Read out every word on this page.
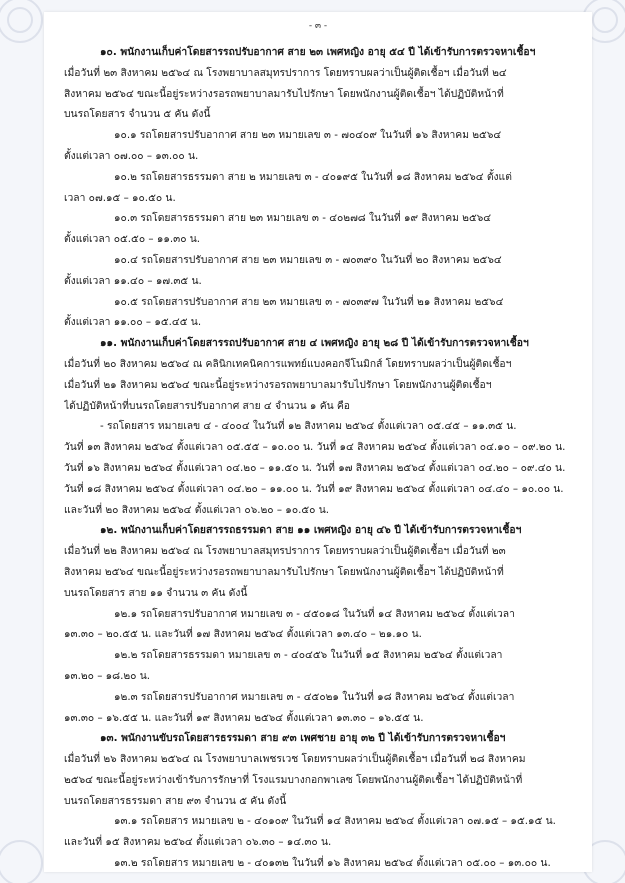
- ๓ -
๑๐. พนักงานเก็บค่าโดยสารรถปรับอากาศ สาย ๒๓ เพศหญิง อายุ ๕๔ ปี ได้เข้ารับการตรวจหาเชื้อฯ
เมื่อวันที่ ๒๓ สิงหาคม ๒๕๖๔ ณ โรงพยาบาลสมุทรปราการ โดยทราบผลว่าเป็นผู้ติดเชื้อฯ เมื่อวันที่ ๒๔
สิงหาคม ๒๕๖๔ ขณะนี้อยู่ระหว่างรอรถพยาบาลมารับไปรักษา โดยพนักงานผู้ติดเชื้อฯ ได้ปฏิบัติหน้าที่
บนรถโดยสาร จำนวน ๕ คัน ดังนี้
๑๐.๑ รถโดยสารปรับอากาศ สาย ๒๓ หมายเลข ๓ - ๗๐๔๐๙ ในวันที่ ๑๖ สิงหาคม ๒๕๖๔
ตั้งแต่เวลา ๐๗.๐๐ – ๑๓.๐๐ น.
๑๐.๒ รถโดยสารธรรมดา สาย ๒ หมายเลข ๓ - ๔๐๑๙๕ ในวันที่ ๑๘ สิงหาคม ๒๕๖๔ ตั้งแต่
เวลา ๐๗.๑๕ – ๑๐.๕๐ น.
๑๐.๓ รถโดยสารธรรมดา สาย ๒๓ หมายเลข ๓ - ๔๐๒๗๘ ในวันที่ ๑๙ สิงหาคม ๒๕๖๔
ตั้งแต่เวลา ๐๕.๕๐ – ๑๑.๓๐ น.
๑๐.๔ รถโดยสารปรับอากาศ สาย ๒๓ หมายเลข ๓ - ๗๐๓๙๐ ในวันที่ ๒๐ สิงหาคม ๒๕๖๔
ตั้งแต่เวลา ๑๑.๔๐ – ๑๗.๓๕ น.
๑๐.๕ รถโดยสารปรับอากาศ สาย ๒๓ หมายเลข ๓ - ๗๐๓๙๗ ในวันที่ ๒๑ สิงหาคม ๒๕๖๔
ตั้งแต่เวลา ๑๑.๐๐ – ๑๕.๔๕ น.
๑๑. พนักงานเก็บค่าโดยสารรถปรับอากาศ สาย ๔ เพศหญิง อายุ ๒๘ ปี ได้เข้ารับการตรวจหาเชื้อฯ
เมื่อวันที่ ๒๐ สิงหาคม ๒๕๖๔ ณ คลินิกเทคนิคการแพทย์แบงคอกจีโนมิกส์ โดยทราบผลว่าเป็นผู้ติดเชื้อฯ
เมื่อวันที่ ๒๑ สิงหาคม ๒๕๖๔ ขณะนี้อยู่ระหว่างรอรถพยาบาลมารับไปรักษา โดยพนักงานผู้ติดเชื้อฯ
ได้ปฏิบัติหน้าที่บนรถโดยสารปรับอากาศ สาย ๔ จำนวน ๑ คัน คือ
- รถโดยสาร หมายเลข ๔ - ๔๐๐๔ ในวันที่ ๑๒ สิงหาคม ๒๕๖๔ ตั้งแต่เวลา ๐๕.๔๕ – ๑๑.๓๕ น.
วันที่ ๑๓ สิงหาคม ๒๕๖๔ ตั้งแต่เวลา ๐๕.๕๕ – ๑๐.๐๐ น. วันที่ ๑๔ สิงหาคม ๒๕๖๔ ตั้งแต่เวลา ๐๔.๑๐ – ๐๙.๒๐ น.
วันที่ ๑๖ สิงหาคม ๒๕๖๔ ตั้งแต่เวลา ๐๔.๒๐ – ๑๑.๕๐ น. วันที่ ๑๗ สิงหาคม ๒๕๖๔ ตั้งแต่เวลา ๐๔.๒๐ – ๐๙.๔๐ น.
วันที่ ๑๘ สิงหาคม ๒๕๖๔ ตั้งแต่เวลา ๐๔.๒๐ – ๑๑.๐๐ น. วันที่ ๑๙ สิงหาคม ๒๕๖๔ ตั้งแต่เวลา ๐๔.๔๐ – ๑๐.๐๐ น.
และวันที่ ๒๐ สิงหาคม ๒๕๖๔ ตั้งแต่เวลา ๐๖.๒๐ – ๑๐.๕๐ น.
๑๒. พนักงานเก็บค่าโดยสารรถธรรมดา สาย ๑๑ เพศหญิง อายุ ๔๖ ปี ได้เข้ารับการตรวจหาเชื้อฯ
เมื่อวันที่ ๒๒ สิงหาคม ๒๕๖๔ ณ โรงพยาบาลสมุทรปราการ โดยทราบผลว่าเป็นผู้ติดเชื้อฯ เมื่อวันที่ ๒๓
สิงหาคม ๒๕๖๔ ขณะนี้อยู่ระหว่างรอรถพยาบาลมารับไปรักษา โดยพนักงานผู้ติดเชื้อฯ ได้ปฏิบัติหน้าที่
บนรถโดยสาร สาย ๑๑ จำนวน ๓ คัน ดังนี้
๑๒.๑ รถโดยสารปรับอากาศ หมายเลข ๓ - ๔๕๐๑๘ ในวันที่ ๑๔ สิงหาคม ๒๕๖๔ ตั้งแต่เวลา
๑๓.๓๐ – ๒๐.๕๕ น. และวันที่ ๑๗ สิงหาคม ๒๕๖๔ ตั้งแต่เวลา ๑๓.๔๐ – ๒๑.๑๐ น.
๑๒.๒ รถโดยสารธรรมดา หมายเลข ๓ - ๔๐๔๕๖ ในวันที่ ๑๕ สิงหาคม ๒๕๖๔ ตั้งแต่เวลา
๑๓.๒๐ – ๑๘.๒๐ น.
๑๒.๓ รถโดยสารปรับอากาศ หมายเลข ๓ - ๔๕๐๒๑ ในวันที่ ๑๘ สิงหาคม ๒๕๖๔ ตั้งแต่เวลา
๑๓.๓๐ – ๑๖.๕๕ น. และวันที่ ๑๙ สิงหาคม ๒๕๖๔ ตั้งแต่เวลา ๑๓.๓๐ – ๑๖.๕๕ น.
๑๓. พนักงานขับรถโดยสารธรรมดา สาย ๙๓ เพศชาย อายุ ๓๒ ปี ได้เข้ารับการตรวจหาเชื้อฯ
เมื่อวันที่ ๒๖ สิงหาคม ๒๕๖๔ ณ โรงพยาบาลเพชรเวช โดยทราบผลว่าเป็นผู้ติดเชื้อฯ เมื่อวันที่ ๒๘ สิงหาคม
๒๕๖๔ ขณะนี้อยู่ระหว่างเข้ารับการรักษาที่ โรงแรมบางกอกพาเลซ โดยพนักงานผู้ติดเชื้อฯ ได้ปฏิบัติหน้าที่
บนรถโดยสารธรรมดา สาย ๙๓ จำนวน ๕ คัน ดังนี้
๑๓.๑ รถโดยสาร หมายเลข ๒ - ๔๐๑๐๙ ในวันที่ ๑๔ สิงหาคม ๒๕๖๔ ตั้งแต่เวลา ๐๗.๑๕ – ๑๕.๑๕ น.
และวันที่ ๑๕ สิงหาคม ๒๕๖๔ ตั้งแต่เวลา ๐๖.๓๐ – ๑๔.๓๐ น.
๑๓.๒ รถโดยสาร หมายเลข ๒ - ๔๐๑๓๒ ในวันที่ ๑๖ สิงหาคม ๒๕๖๔ ตั้งแต่เวลา ๐๕.๐๐ – ๑๓.๐๐ น.
